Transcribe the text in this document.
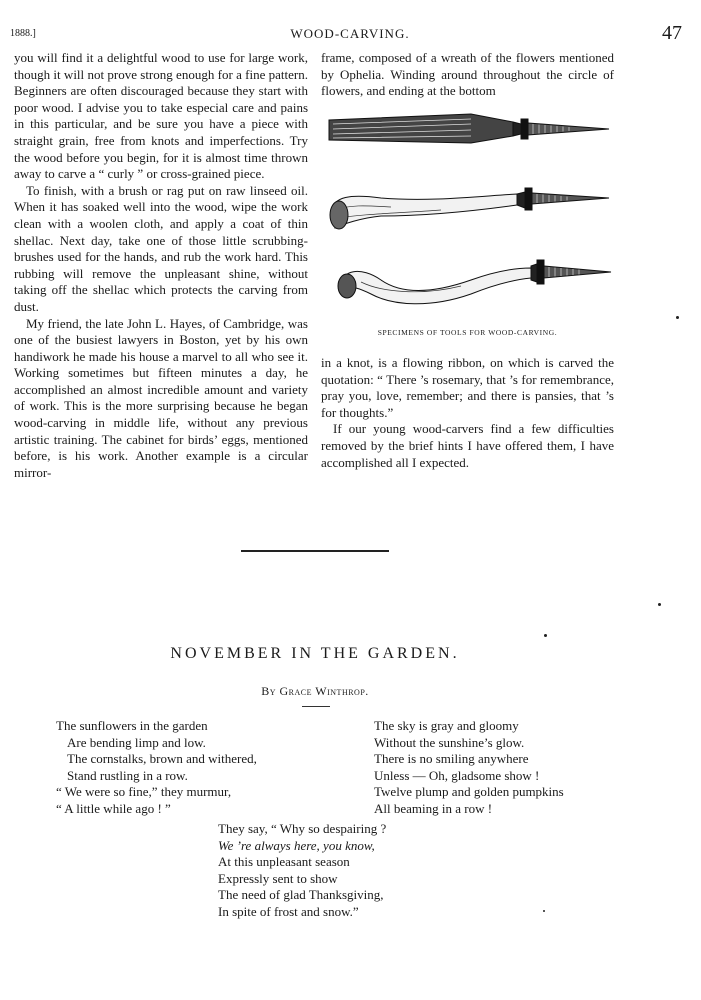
1888.]	WOOD-CARVING.	47

you will find it a delightful wood to use for large work, though it will not prove strong enough for a fine pattern. Beginners are often discouraged because they start with poor wood. I advise you to take especial care and pains in this particular, and be sure you have a piece with straight grain, free from knots and imperfections. Try the wood before you begin, for it is almost time thrown away to carve a “ curly ” or cross-grained piece.

To finish, with a brush or rag put on raw linseed oil. When it has soaked well into the wood, wipe the work clean with a woolen cloth, and apply a coat of thin shellac. Next day, take one of those little scrubbing-brushes used for the hands, and rub the work hard. This rubbing will remove the unpleasant shine, without taking off the shellac which protects the carving from dust.

My friend, the late John L. Hayes, of Cambridge, was one of the busiest lawyers in Boston, yet by his own handiwork he made his house a marvel to all who see it. Working sometimes but fifteen minutes a day, he accomplished an almost incredible amount and variety of work. This is the more surprising because he began wood-carving in middle life, without any previous artistic training. The cabinet for birds’ eggs, mentioned before, is his work. Another example is a circular mirror-

frame, composed of a wreath of the flowers mentioned by Ophelia. Winding around throughout the circle of flowers, and ending at the bottom

SPECIMENS OF TOOLS FOR WOOD-CARVING.

in a knot, is a flowing ribbon, on which is carved the quotation: “ There ’s rosemary, that ’s for remembrance, pray you, love, remember; and there is pansies, that ’s for thoughts.”

If our young wood-carvers find a few difficulties removed by the brief hints I have offered them, I have accomplished all I expected.

NOVEMBER IN THE GARDEN.
By Grace Winthrop.
The sunflowers in the garden
Are bending limp and low.
The cornstalks, brown and withered,
Stand rustling in a row.
“ We were so fine,” they murmur,
“ A little while ago ! ”
The sky is gray and gloomy
Without the sunshine’s glow.
There is no smiling anywhere
Unless — Oh, gladsome show !
Twelve plump and golden pumpkins
All beaming in a row !
They say, “ Why so despairing ?
We ’re always here, you know,
At this unpleasant season
Expressly sent to show
The need of glad Thanksgiving,
In spite of frost and snow.”
